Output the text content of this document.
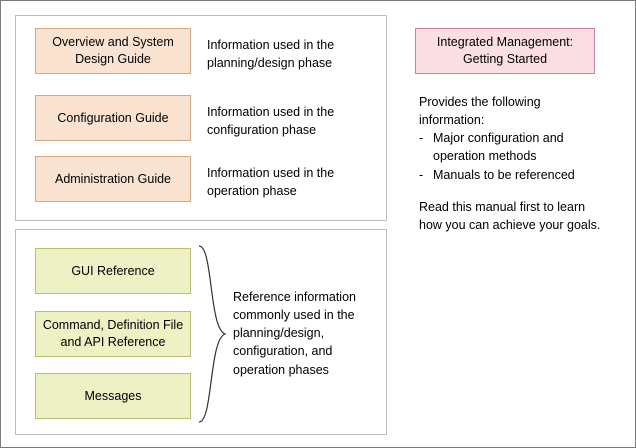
Overview and System Design Guide
Information used in the planning/design phase
Configuration Guide	Information used in the configuration phase
Administration Guide	Information used in the operation phase
GUI Reference
Command, Definition File and API Reference
Messages
Reference information commonly used in the planning/design, configuration, and operation phases
Integrated Management: Getting Started

Provides the following information:

- Major configuration and operation methods
- Manuals to be referenced

Read this manual first to learn how you can achieve your goals.
